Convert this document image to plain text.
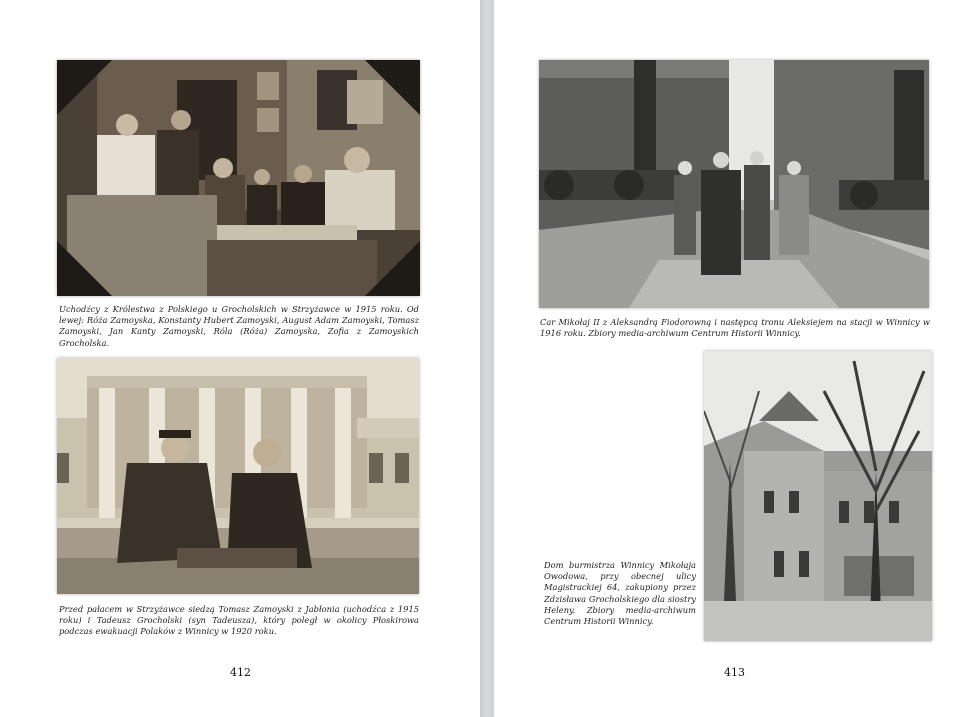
Uchodźcy z Królestwa z Polskiego u Grocholskich w Strzyżawce w 1915 roku. Od lewej: Róża Zamoyska, Konstanty Hubert Zamoyski, August Adam Zamoyski, Tomasz Zamoyski, Jan Kanty Zamoyski, Róla (Róża) Zamoyska, Zofia z Zamoyskich Grocholska.

Przed pałacem w Strzyżawce siedzą Tomasz Zamoyski z Jabłonia (uchodźca z 1915 roku) i Tadeusz Grocholski (syn Tadeusza), który poległ w okolicy Płoskirowa podczas ewakuacji Polaków z Winnicy w 1920 roku.

412

Car Mikołaj II z Aleksandrą Fiodorowną i następcą tronu Aleksiejem na stacji w Winnicy w 1916 roku. Zbiory media-archiwum Centrum Historii Winnicy.

Dom burmistrza Winnicy Mikołaja Owodowa, przy obecnej ulicy Magistrackiej 64, zakupiony przez Zdzisława Grocholskiego dla siostry Heleny. Zbiory media-archiwum Centrum Historii Winnicy.

413
